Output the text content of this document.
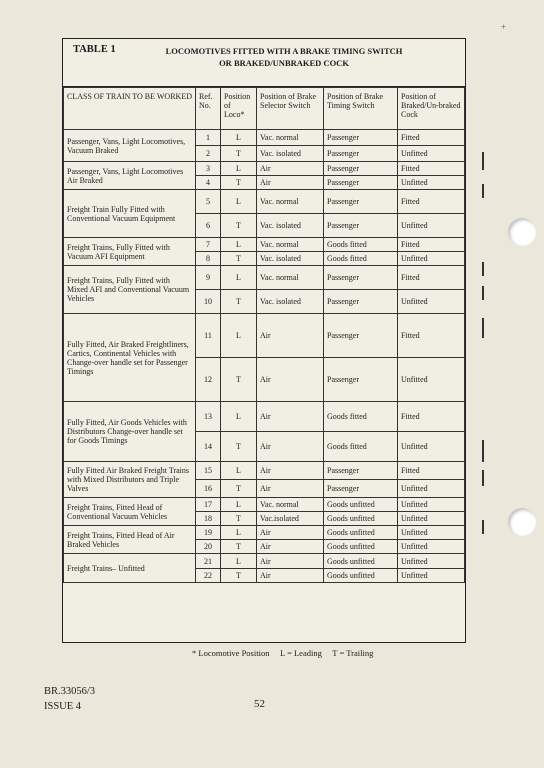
+
TABLE 1	LOCOMOTIVES FITTED WITH A BRAKE TIMING SWITCH
OR BRAKED/UNBRAKED COCK
CLASS OF TRAIN TO BE WORKED	Ref. No.	Position of Loco*	Position of Brake Selector Switch	Position of Brake Timing Switch	Position of Braked/Un-braked Cock
Passenger, Vans, Light Locomotives, Vacuum Braked	1	L	Vac. normal	Passenger	Fitted
	2	T	Vac. isolated	Passenger	Unfitted
Passenger, Vans, Light Locomotives Air Braked	3	L	Air	Passenger	Fitted
	4	T	Air	Passenger	Unfitted
Freight Train Fully Fitted with Conventional Vacuum Equipment	5	L	Vac. normal	Passenger	Fitted
	6	T	Vac. isolated	Passenger	Unfitted
Freight Trains, Fully Fitted with Vacuum AFI Equipment	7	L	Vac. normal	Goods fitted	Fitted
	8	T	Vac. isolated	Goods fitted	Unfitted
Freight Trains, Fully Fitted with Mixed AFI and Conventional Vacuum Vehicles	9	L	Vac. normal	Passenger	Fitted
	10	T	Vac. isolated	Passenger	Unfitted
Fully Fitted, Air Braked Freightliners, Cartics, Continental Vehicles with Change-over handle set for Passenger Timings	11	L	Air	Passenger	Fitted
	12	T	Air	Passenger	Unfitted
Fully Fitted, Air Goods Vehicles with Distributors Change-over handle set for Goods Timings	13	L	Air	Goods fitted	Fitted
	14	T	Air	Goods fitted	Unfitted
Fully Fitted Air Braked Freight Trains with Mixed Distributors and Triple Valves	15	L	Air	Passenger	Fitted
	16	T	Air	Passenger	Unfitted
Freight Trains, Fitted Head of Conventional Vacuum Vehicles	17	L	Vac. normal	Goods unfitted	Unfitted
	18	T	Vac.isolated	Goods unfitted	Unfitted
Freight Trains, Fitted Head of Air Braked Vehicles	19	L	Air	Goods unfitted	Unfitted
	20	T	Air	Goods unfitted	Unfitted
Freight Trains– Unfitted	21	L	Air	Goods unfitted	Unfitted
	22	T	Air	Goods unfitted	Unfitted
* Locomotive Position     L = Leading     T = Trailing
BR.33056/3
ISSUE 4	52
